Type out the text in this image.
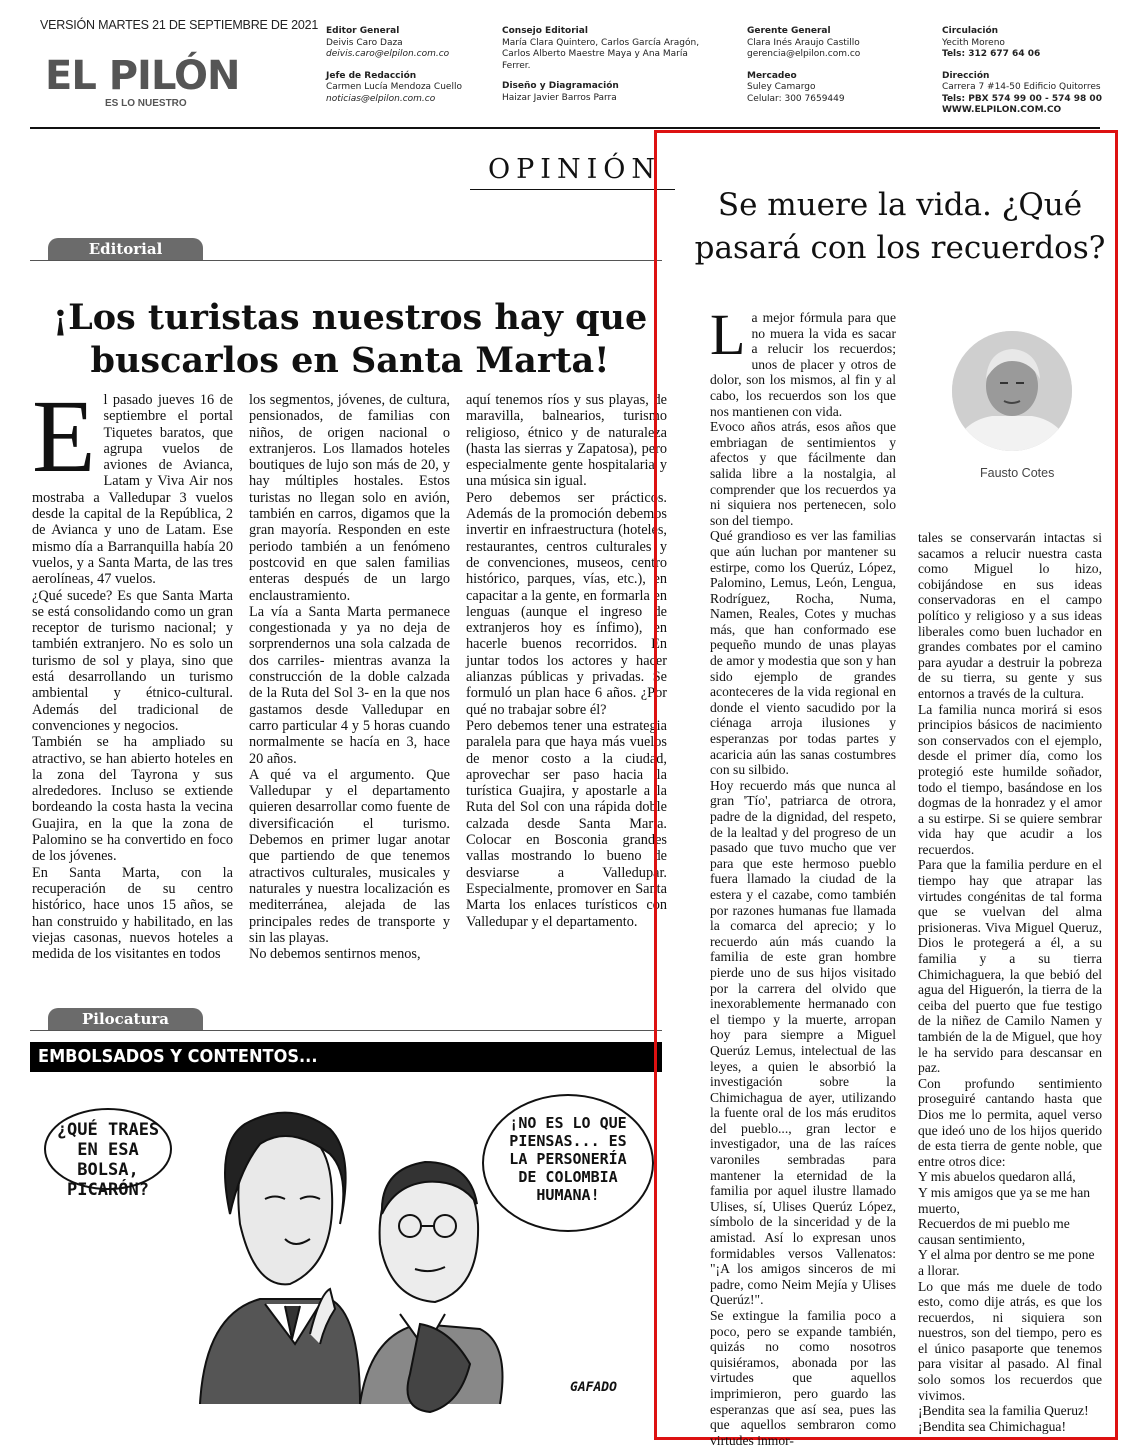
VERSIÓN MARTES 21 DE SEPTIEMBRE DE 2021
EL PILÓN
ES LO NUESTRO
Editor General
Deivis Caro Daza
deivis.caro@elpilon.com.co
Jefe de Redacción
Carmen Lucía Mendoza Cuello
noticias@elpilon.com.co
Consejo Editorial
María Clara Quintero, Carlos García Aragón, Carlos Alberto Maestre Maya y Ana María Ferrer.
Diseño y Diagramación
Haizar Javier Barros Parra
Gerente General
Clara Inés Araujo Castillo
gerencia@elpilon.com.co
Mercadeo
Suley Camargo
Celular: 300 7659449
Circulación
Yecith Moreno
Tels: 312 677 64 06
Dirección
Carrera 7 #14-50 Edificio Quitorres
Tels: PBX 574 99 00 - 574 98 00
WWW.ELPILON.COM.CO
OPINIÓN
Editorial
¡Los turistas nuestros hay que buscarlos en Santa Marta!
E l pasado jueves 16 de septiembre el portal Tiquetes baratos, que agrupa vuelos de aviones de Avianca, Latam y Viva Air nos mostraba a Valledupar 3 vuelos desde la capital de la República, 2 de Avianca y uno de Latam. Ese mismo día a Barranquilla había 20 vuelos, y a Santa Marta, de las tres aerolíneas, 47 vuelos.

¿Qué sucede? Es que Santa Marta se está consolidando como un gran receptor de turismo nacional; y también extranjero. No es solo un turismo de sol y playa, sino que está desarrollando un turismo ambiental y étnico-cultural. Además del tradicional de convenciones y negocios.

También se ha ampliado su atractivo, se han abierto hoteles en la zona del Tayrona y sus alrededores. Incluso se extiende bordeando la costa hasta la vecina Guajira, en la que la zona de Palomino se ha convertido en foco de los jóvenes.

En Santa Marta, con la recuperación de su centro histórico, hace unos 15 años, se han construido y habilitado, en las viejas casonas, nuevos hoteles a medida de los visitantes en todos

los segmentos, jóvenes, de cultura, pensionados, de familias con niños, de origen nacional o extranjeros. Los llamados hoteles boutiques de lujo son más de 20, y hay múltiples hostales. Estos turistas no llegan solo en avión, también en carros, digamos que la gran mayoría. Responden en este periodo también a un fenómeno postcovid en que salen familias enteras después de un largo enclaustramiento.

La vía a Santa Marta permanece congestionada y ya no deja de sorprendernos una sola calzada de dos carriles- mientras avanza la construcción de la doble calzada de la Ruta del Sol 3- en la que nos gastamos desde Valledupar en carro particular 4 y 5 horas cuando normalmente se hacía en 3, hace 20 años.

A qué va el argumento. Que Valledupar y el departamento quieren desarrollar como fuente de diversificación el turismo. Debemos en primer lugar anotar que partiendo de que tenemos atractivos culturales, musicales y naturales y nuestra localización es mediterránea, alejada de las principales redes de transporte y sin las playas.

No debemos sentirnos menos,

aquí tenemos ríos y sus playas, de maravilla, balnearios, turismo religioso, étnico y de naturaleza (hasta las sierras y Zapatosa), pero especialmente gente hospitalaria y una música sin igual.

Pero debemos ser prácticos. Además de la promoción debemos invertir en infraestructura (hoteles, restaurantes, centros culturales y de convenciones, museos, centro histórico, parques, vías, etc.), en capacitar a la gente, en formarla en lenguas (aunque el ingreso de extranjeros hoy es ínfimo), en hacerle buenos recorridos. En juntar todos los actores y hacer alianzas públicas y privadas. Se formuló un plan hace 6 años. ¿Por qué no trabajar sobre él?

Pero debemos tener una estrategia paralela para que haya más vuelos de menor costo a la ciudad, aprovechar ser paso hacia la turística Guajira, y apostarle a la Ruta del Sol con una rápida doble calzada desde Santa Marta. Colocar en Bosconia grandes vallas mostrando lo bueno de desviarse a Valledupar. Especialmente, promover en Santa Marta los enlaces turísticos con Valledupar y el departamento.

Pilocatura
EMBOLSADOS Y CONTENTOS...
¿QUÉ TRAES EN ESA BOLSA, PICARÓN?
¡NO ES LO QUE PIENSAS... ES LA PERSONERÍA DE COLOMBIA HUMANA!
GAFADO
Se muere la vida. ¿Qué pasará con los recuerdos?
Fausto Cotes
L a mejor fórmula para que no muera la vida es sacar a relucir los recuerdos; unos de placer y otros de dolor, son los mismos, al fin y al cabo, los recuerdos son los que nos mantienen con vida.

Evoco años atrás, esos años que embriagan de sentimientos y afectos y que fácilmente dan salida libre a la nostalgia, al comprender que los recuerdos ya ni siquiera nos pertenecen, solo son del tiempo.

Qué grandioso es ver las familias que aún luchan por mantener su estirpe, como los Querúz, López, Palomino, Lemus, León, Lengua, Rodríguez, Rocha, Numa, Namen, Reales, Cotes y muchas más, que han conformado ese pequeño mundo de unas playas de amor y modestia que son y han sido ejemplo de grandes aconteceres de la vida regional en donde el viento sacudido por la ciénaga arroja ilusiones y esperanzas por todas partes y acaricia aún las sanas costumbres con su silbido.

Hoy recuerdo más que nunca al gran 'Tío', patriarca de otrora, padre de la dignidad, del respeto, de la lealtad y del progreso de un pasado que tuvo mucho que ver para que este hermoso pueblo fuera llamado la ciudad de la estera y el cazabe, como también por razones humanas fue llamada la comarca del aprecio; y lo recuerdo aún más cuando la familia de este gran hombre pierde uno de sus hijos visitado por la carrera del olvido que inexorablemente hermanado con el tiempo y la muerte, arropan hoy para siempre a Miguel Querúz Lemus, intelectual de las leyes, a quien le absorbió la investigación sobre la Chimichagua de ayer, utilizando la fuente oral de los más eruditos del pueblo..., gran lector e investigador, una de las raíces varoniles sembradas para mantener la eternidad de la familia por aquel ilustre llamado Ulises, sí, Ulises Querúz López, símbolo de la sinceridad y de la amistad. Así lo expresan unos formidables versos Vallenatos: "¡A los amigos sinceros de mi padre, como Neim Mejía y Ulises Querúz!".

Se extingue la familia poco a poco, pero se expande también, quizás no como nosotros quisiéramos, abonada por las virtudes que aquellos imprimieron, pero guardo las esperanzas que así sea, pues las que aquellos sembraron como virtudes inmor-

tales se conservarán intactas si sacamos a relucir nuestra casta como Miguel lo hizo, cobijándose en sus ideas conservadoras en el campo político y religioso y a sus ideas liberales como buen luchador en grandes combates por el camino para ayudar a destruir la pobreza de su tierra, su gente y sus entornos a través de la cultura.

La familia nunca morirá si esos principios básicos de nacimiento son conservados con el ejemplo, desde el primer día, como los protegió este humilde soñador, todo el tiempo, basándose en los dogmas de la honradez y el amor a su estirpe. Si se quiere sembrar vida hay que acudir a los recuerdos.

Para que la familia perdure en el tiempo hay que atrapar las virtudes congénitas de tal forma que se vuelvan del alma prisioneras. Viva Miguel Queruz, Dios le protegerá a él, a su familia y a su tierra Chimichaguera, la que bebió del agua del Higuerón, la tierra de la ceiba del puerto que fue testigo de la niñez de Camilo Namen y también de la de Miguel, que hoy le ha servido para descansar en paz.

Con profundo sentimiento proseguiré cantando hasta que Dios me lo permita, aquel verso que ideó uno de los hijos querido de esta tierra de gente noble, que entre otros dice:

Y mis abuelos quedaron allá,

Y mis amigos que ya se me han muerto,

Recuerdos de mi pueblo me causan sentimiento,

Y el alma por dentro se me pone a llorar.

Lo que más me duele de todo esto, como dije atrás, es que los recuerdos, ni siquiera son nuestros, son del tiempo, pero es el único pasaporte que tenemos para visitar al pasado. Al final solo somos los recuerdos que vivimos.

¡Bendita sea la familia Queruz!

¡Bendita sea Chimichagua!
